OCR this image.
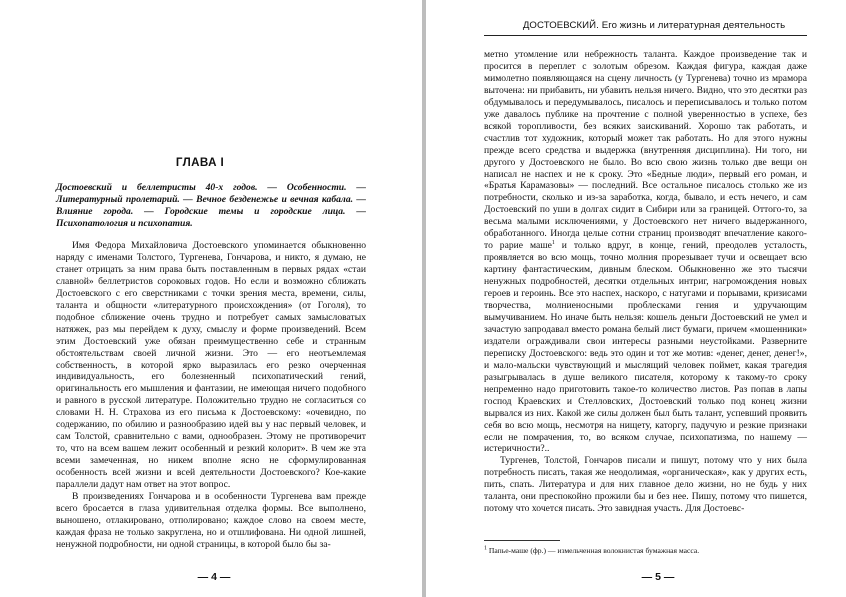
ГЛАВА I
Достоевский и беллетристы 40-х годов. — Особенности. — Литературный пролетарий. — Вечное безденежье и вечная кабала. — Влияние города. — Городские темы и городские лица. — Психопатология и психопатия.

Имя Федора Михайловича Достоевского упоминается обыкновенно наряду с именами Толстого, Тургенева, Гончарова, и никто, я думаю, не станет отрицать за ним права быть поставленным в первых рядах «стаи славной» беллетристов сороковых годов. Но если и возможно сближать Достоевского с его сверстниками с точки зрения места, времени, силы, таланта и общности «литературного происхождения» (от Гоголя), то подобное сближение очень трудно и потребует самых замысловатых натяжек, раз мы перейдем к духу, смыслу и форме произведений. Всем этим Достоевский уже обязан преимущественно себе и странным обстоятельствам своей личной жизни. Это — его неотъемлемая собственность, в которой ярко выразилась его резко очерченная индивидуальность, его болезненный психопатический гений, оригинальность его мышления и фантазии, не имеющая ничего подобного и равного в русской литературе. Положительно трудно не согласиться со словами Н. Н. Страхова из его письма к Достоевскому: «очевидно, по содержанию, по обилию и разнообразию идей вы у нас первый человек, и сам Толстой, сравнительно с вами, однообразен. Этому не противоречит то, что на всем вашем лежит особенный и резкий колорит». В чем же эта всеми замеченная, но никем вполне ясно не сформулированная особенность всей жизни и всей деятельности Достоевского? Кое-какие параллели дадут нам ответ на этот вопрос.

В произведениях Гончарова и в особенности Тургенева вам прежде всего бросается в глаза удивительная отделка формы. Все выполнено, выношено, отлакировано, отполировано; каждое слово на своем месте, каждая фраза не только закруглена, но и отшлифована. Ни одной лишней, ненужной подробности, ни одной страницы, в которой было бы за-

— 4 —
ДОСТОЕВСКИЙ. Его жизнь и литературная деятельность

метно утомление или небрежность таланта. Каждое произведение так и просится в переплет с золотым обрезом. Каждая фигура, каждая даже мимолетно появляющаяся на сцену личность (у Тургенева) точно из мрамора выточена: ни прибавить, ни убавить нельзя ничего. Видно, что это десятки раз обдумывалось и передумывалось, писалось и переписывалось и только потом уже давалось публике на прочтение с полной уверенностью в успехе, без всякой торопливости, без всяких заискиваний. Хорошо так работать, и счастлив тот художник, который может так работать. Но для этого нужны прежде всего средства и выдержка (внутренняя дисциплина). Ни того, ни другого у Достоевского не было. Во всю свою жизнь только две вещи он написал не наспех и не к сроку. Это «Бедные люди», первый его роман, и «Братья Карамазовы» — последний. Все остальное писалось столько же из потребности, сколько и из-за заработка, когда, бывало, и есть нечего, и сам Достоевский по уши в долгах сидит в Сибири или за границей. Оттого-то, за весьма малыми исключениями, у Достоевского нет ничего выдержанного, обработанного. Иногда целые сотни страниц производят впечатление какого-то рарие маше$^1$ и только вдруг, в конце, гений, преодолев усталость, проявляется во всю мощь, точно молния прорезывает тучи и освещает всю картину фантастическим, дивным блеском. Обыкновенно же это тысячи ненужных подробностей, десятки отдельных интриг, нагромождения новых героев и героинь. Все это наспех, наскоро, с натугами и порывами, кризисами творчества, молниеносными проблесками гения и удручающим вымучиванием. Но иначе быть нельзя: кошель деньги Достоевский не умел и зачастую запродавал вместо романа белый лист бумаги, причем «мошенники» издатели ограждивали свои интересы разными неустойками. Разверните переписку Достоевского: ведь это один и тот же мотив: «денег, денег, денег!», и мало-мальски чувствующий и мыслящий человек поймет, какая трагедия разыгрывалась в душе великого писателя, которому к такому-то сроку непременно надо приготовить такое-то количество листов. Раз попав в лапы господ Краевских и Стелловских, Достоевский только под конец жизни вырвался из них. Какой же силы должен был быть талант, успевший проявить себя во всю мощь, несмотря на нищету, каторгу, падучую и резкие признаки если не помрачения, то, во всяком случае, психопатизма, по нашему — истеричности?..

Тургенев, Толстой, Гончаров писали и пишут, потому что у них была потребность писать, такая же неодолимая, «органическая», как у других есть, пить, спать. Литература и для них главное дело жизни, но не будь у них таланта, они преспокойно прожили бы и без нее. Пишу, потому что пишется, потому что хочется писать. Это завидная участь. Для Достоевс-

$^1$ Папье-маше (фр.) — измельченная волокнистая бумажная масса.
— 5 —
